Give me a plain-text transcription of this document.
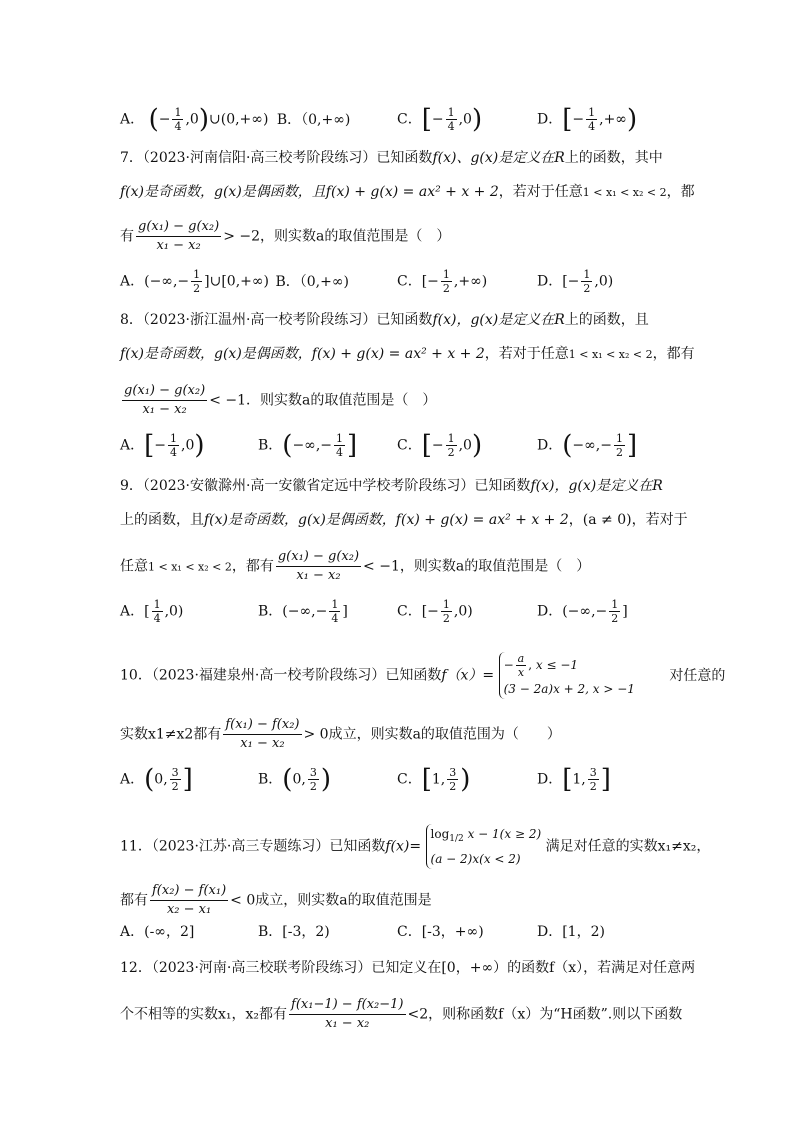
A． (− $\frac{1}{4}$ ,0)∪(0,+∞) B．（0,+∞)	C．[− $\frac{1}{4} ,0$)	D．[− $\frac{1}{4}$ ,+∞)
7．（2023·河南信阳·高三校考阶段练习）已知函数f(x)、g(x)是定义在R上的函数，其中
f(x)是奇函数，g(x)是偶函数，且f(x) + g(x) = ax² + x + 2，若对于任意1 < x₁ < x₂ < 2，都
有 $\frac{\text{g(x₁) − g(x₂)}}{\text{x₁ − x₂}} > -2$，则实数a的取值范围是（　）
A．(−∞,− $\frac{1}{2}$ ]∪[0,+∞) B．（0,+∞)	C．[− $\frac{1}{2}$ ,+∞)	D．[− $\frac{1}{2} ,0$)
8．（2023·浙江温州·高一校考阶段练习）已知函数f(x)，g(x)是定义在R上的函数，且
f(x)是奇函数，g(x)是偶函数，f(x) + g(x) = ax² + x + 2，若对于任意1 < x₁ < x₂ < 2，都有
$\frac{\text{g(x₁) − g(x₂)}}{\text{x₁ − x₂}} < -1$．则实数a的取值范围是（　）
A．[− $\frac{1}{4} ,0$)	B．(−∞,− $\frac{1}{4}$ ]	C．[− $\frac{1}{2} ,0$)	D．(−∞,− $\frac{1}{2}$ ]
9．（2023·安徽滁州·高一安徽省定远中学校考阶段练习）已知函数f(x)，g(x)是定义在R
上的函数，且f(x)是奇函数，g(x)是偶函数，f(x) + g(x) = ax² + x + 2，(a ≠ 0)，若对于
任意1 < x₁ < x₂ < 2，都有 $\frac{\text{g(x₁) − g(x₂)}}{\text{x₁ − x₂}} < -1$，则实数a的取值范围是（　）
A．[ $\frac{1}{4} ,0$)	B．(−∞,− $\frac{1}{4}$ ]	C．[− $\frac{1}{2} ,0$)	D．(−∞,− $\frac{1}{2}$ ]
10．（2023·福建泉州·高一校考阶段练习）已知函数f（x）=
− $\frac{a}{x}$ , x ≤ −1
(3 − 2a)x + 2, x > −1
对任意的
实数x1≠x2都有 $\frac{\text{f(x₁) − f(x₂)}}{\text{x₁ − x₂}} > 0$成立，则实数a的取值范围为（　　）
A．(0, $\frac{3}{2}$ ]	B．(0, $\frac{3}{2}$ )	C．[1, $\frac{3}{2}$ )	D．[1, $\frac{3}{2}$ ]
11．（2023·江苏·高三专题练习）已知函数f(x)=
$\log_{1/2} x - 1(x \ge 2)$
(a − 2)x(x < 2)
满足对任意的实数x₁≠x₂，
都有 $\frac{\text{f(x₂) − f(x₁)}}{\text{x₂ − x₁}} < 0$成立，则实数a的取值范围是
A．(-∞，2]	B．[-3，2)	C．[-3，+∞)	D．[1，2)
12．（2023·河南·高三校联考阶段练习）已知定义在[0，+∞）的函数f（x），若满足对任意两
个不相等的实数x₁，x₂都有 $\frac{\text{f(x₁−1) − f(x₂−1)}}{\text{x₁ − x₂}} <2$，则称函数f（x）为“H函数”.则以下函数
